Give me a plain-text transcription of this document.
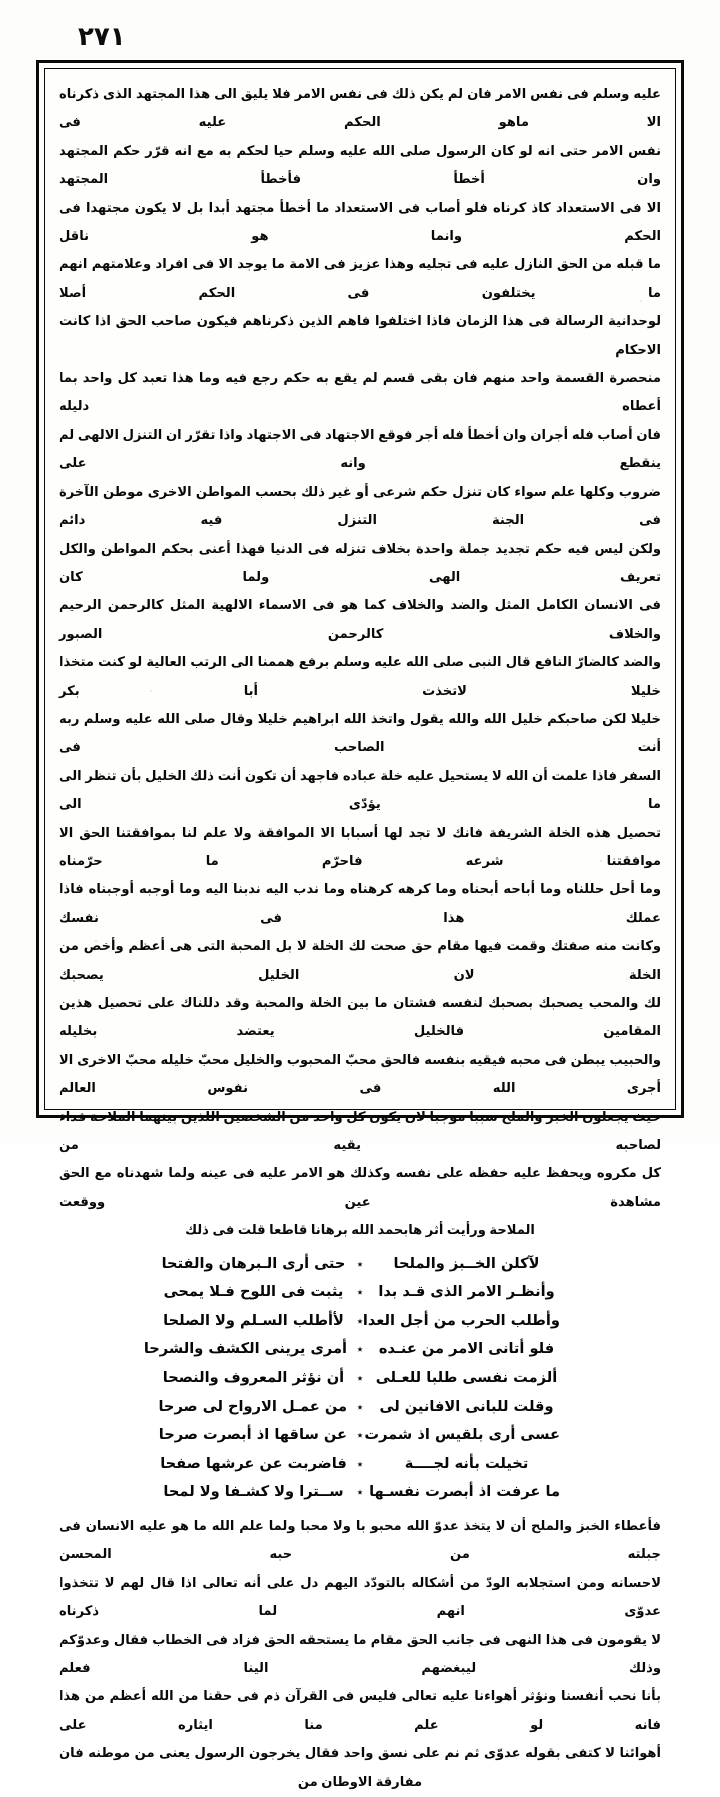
٢٧١

عليه وسلم فى نفس الامر فان لم يكن ذلك فى نفس الامر فلا يليق الى هذا المجتهد الذى ذكرناه الا ماهو الحكم عليه فى

نفس الامر حتى انه لو كان الرسول صلى الله عليه وسلم حيا لحكم به مع انه قرّر حكم المجتهد وان أخطأ فأخطأ المجتهد

الا فى الاستعداد كاذ كرناه فلو أصاب فى الاستعداد ما أخطأ مجتهد أبدا بل لا يكون مجتهدا فى الحكم وانما هو ناقل

ما قبله من الحق النازل عليه فى تجليه وهذا عزيز فى الامة ما يوجد الا فى افراد وعلامتهم انهم ما يختلفون فى الحكم أصلا

لوحدانية الرسالة فى هذا الزمان فاذا اختلفوا فاهم الذين ذكرناهم فيكون صاحب الحق اذا كانت الاحكام

منحصرة القسمة واحد منهم فان بقى قسم لم يقع به حكم رجع فيه وما هذا تعبد كل واحد بما أعطاه دليله

فان أصاب فله أجران وان أخطأ فله أجر فوقع الاجتهاد فى الاجتهاد واذا تقرّر ان التنزل الالهى لم ينقطع وانه على

ضروب وكلها علم سواء كان تنزل حكم شرعى أو غير ذلك بحسب المواطن الاخرى موطن الآخرة فى الجنة التنزل فيه دائم

ولكن ليس فيه حكم تجديد جملة واحدة بخلاف تنزله فى الدنيا فهذا أعنى بحكم المواطن والكل تعريف الهى ولما كان

فى الانسان الكامل المثل والضد والخلاف كما هو فى الاسماء الالهية المثل كالرحمن الرحيم والخلاف كالرحمن الصبور

والضد كالضارّ النافع قال النبى صلى الله عليه وسلم برفع هممنا الى الرتب العالية لو كنت متخذا خليلا لاتخذت أبا بكر

خليلا لكن صاحبكم خليل الله والله يقول واتخذ الله ابراهيم خليلا وقال صلى الله عليه وسلم ربه أنت الصاحب فى

السفر فاذا علمت أن الله لا يستحيل عليه خلة عباده فاجهد أن تكون أنت ذلك الخليل بأن تنظر الى ما يؤدّى الى

تحصيل هذه الخلة الشريفة فانك لا تجد لها أسبابا الا الموافقة ولا علم لنا بموافقتنا الحق الا موافقتنا شرعه فاحرّم ما حرّمناه

وما أحل حللناه وما أباحه أبحناه وما كرهه كرهناه وما ندب اليه ندبنا اليه وما أوجبه أوجبناه فاذا عملك هذا فى نفسك

وكانت منه صفتك وقمت فيها مقام حق صحت لك الخلة لا بل المحبة التى هى أعظم وأخص من الخلة لان الخليل يصحبك

لك والمحب يصحبك بصحبك لنفسه فشتان ما بين الخلة والمحبة وقد دللناك على تحصيل هذين المقامين فالخليل يعتضد بخليله

والحبيب يبطن فى محبه فيقيه بنفسه فالحق محبّ المحبوب والخليل محبّ خليله محبّ الاخرى الا أجرى الله فى نفوس العالم

حيث يجعلون الخبز والملح سببا موجبا لان يكون كل واحد من الشخصين اللذين بينهما الملاحة فداء لصاحبه يقيه من

كل مكروه ويحفظ عليه حفظه على نفسه وكذلك هو الامر عليه فى عينه ولما شهدناه مع الحق مشاهدة عين ووقعت

الملاحة ورأيت أثر هابحمد الله برهانا قاطعا قلت فى ذلك

لآكلن الخــبز والملحا
٭
حتى أرى الـبرهان والفتحا
وأنظـر الامر الذى قـد بدا
٭
يثبت فى اللوح فـلا يمحى
وأطلب الحرب من أجل العدا
٭
لأأطلب السـلم ولا الصلحا
فلو أتانى الامر من عنـده
٭
أمرى يرينى الكشف والشرحا
ألزمت نفسى طلبا للعـلى
٭
أن نؤثر المعروف والنصحا
وقلت للبانى الافانين لى
٭
من عمـل الارواح لى صرحا
عسى أرى بلقيس اذ شمرت
٭
عن ساقها اذ أبصرت صرحا
تخيلت بأنه لجــــة
٭
فاضربت عن عرشها صفحا
ما عرفت اذ أبصرت نفسـها
٭
ســترا ولا كشـفا ولا لمحا

فأعطاء الخبز والملح أن لا يتخذ عدوّ الله محبو با ولا محبا ولما علم الله ما هو عليه الانسان فى جبلته من حبه المحسن

لاحسانه ومن استجلابه الودّ من أشكاله بالتودّد اليهم دل على أنه تعالى اذا قال لهم لا تتخذوا عدوّى انهم لما ذكرناه

لا يقومون فى هذا النهى فى جانب الحق مقام ما يستحقه الحق فزاد فى الخطاب فقال وعدوّكم وذلك ليبغضهم الينا فعلم

بأنا نحب أنفسنا ونؤثر أهواءنا عليه تعالى فليس فى القرآن ذم فى حقنا من الله أعظم من هذا فانه لو علم منا ايثاره على

أهوائنا لا كتفى بقوله عدوّى ثم نم على نسق واحد فقال يخرجون الرسول يعنى من موطنه فان مفارقة الاوطان من
